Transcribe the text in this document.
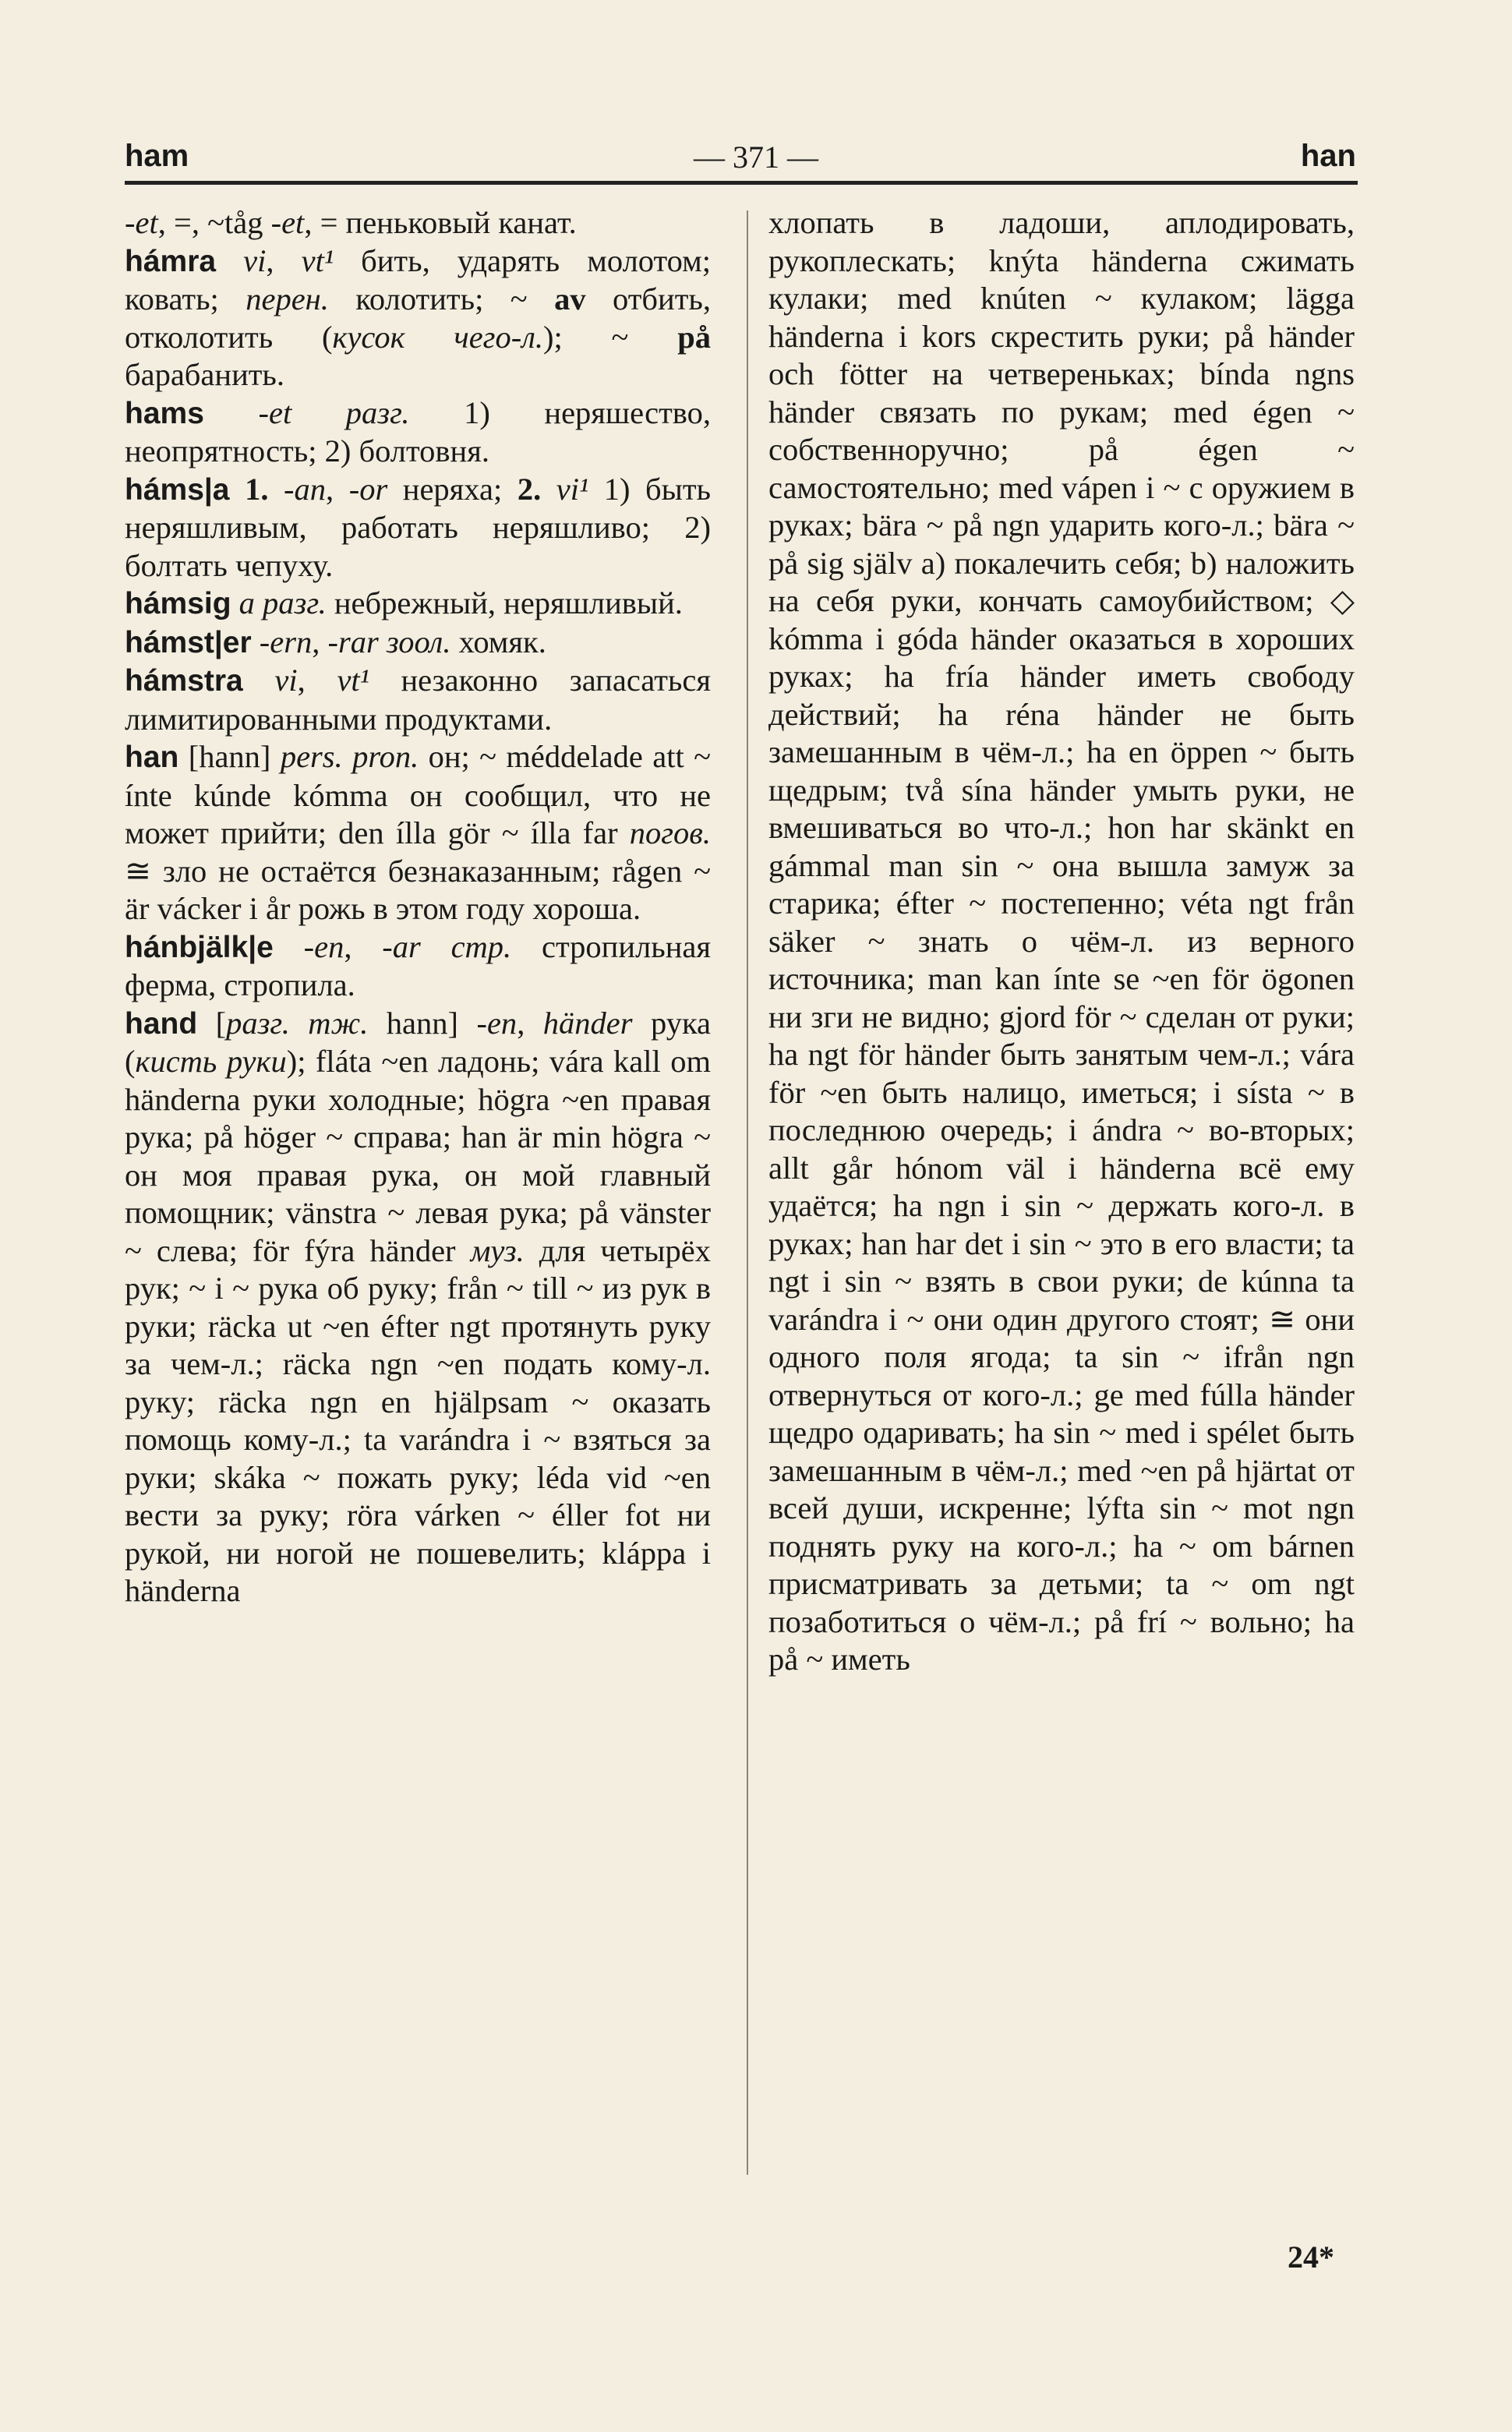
ham	— 371 —	han

-et, =, ~tåg -et, = пеньковый канат.

hámra vi, vt¹ бить, ударять молотом; ковать; перен. колотить; ~ av отбить, отколотить (кусок чего-л.); ~ på барабанить.

hams -et разг. 1) неряшество, неопрятность; 2) болтовня.

háms|a 1. -an, -or неряха; 2. vi¹ 1) быть неряшливым, работать неряшливо; 2) болтать чепуху.

hámsig a разг. небрежный, неряшливый.

hámst|er -ern, -rar зоол. хомяк.

hámstra vi, vt¹ незаконно запасаться лимитированными продуктами.

han [hann] pers. pron. он; ~ méddelade att ~ ínte kúnde kómma он сообщил, что не может прийти; den ílla gör ~ ílla far погов. ≅ зло не остаётся безнаказанным; rågen ~ är vácker i år рожь в этом году хороша.

hánbjälk|e -en, -ar стр. стропильная ферма, стропила.

hand [разг. тж. hann] -en, händer рука (кисть руки); fláta ~en ладонь; vára kall om händerna руки холодные; högra ~en правая рука; på höger ~ справа; han är min högra ~ он моя правая рука, он мой главный помощник; vänstra ~ левая рука; på vänster ~ слева; för fýra händer муз. для четырёх рук; ~ i ~ рука об руку; från ~ till ~ из рук в руки; räcka ut ~en éfter ngt протянуть руку за чем-л.; räcka ngn ~en подать кому-л. руку; räcka ngn en hjälpsam ~ оказать помощь кому-л.; ta varándra i ~ взяться за руки; skáka ~ пожать руку; léda vid ~en вести за руку; röra várken ~ éller fot ни рукой, ни ногой не пошевелить; kláppa i händerna

хлопать в ладоши, аплодировать, рукоплескать; knýta händerna сжимать кулаки; med knúten ~ кулаком; lägga händerna i kors скрестить руки; på händer och fötter на четвереньках; bínda ngns händer связать по рукам; med égen ~ собственноручно; på égen ~ самостоятельно; med vápen i ~ с оружием в руках; bära ~ på ngn ударить кого-л.; bära ~ på sig själv a) покалечить себя; b) наложить на себя руки, кончать самоубийством; ◇ kómma i góda händer оказаться в хороших руках; ha fría händer иметь свободу действий; ha réna händer не быть замешанным в чём-л.; ha en öppen ~ быть щедрым; två sína händer умыть руки, не вмешиваться во что-л.; hon har skänkt en gámmal man sin ~ она вышла замуж за старика; éfter ~ постепенно; véta ngt från säker ~ знать о чём-л. из верного источника; man kan ínte se ~en för ögonen ни зги не видно; gjord för ~ сделан от руки; ha ngt för händer быть занятым чем-л.; vára för ~en быть налицо, иметься; i sísta ~ в последнюю очередь; i ándra ~ во-вторых; allt går hónom väl i händerna всё ему удаётся; ha ngn i sin ~ держать кого-л. в руках; han har det i sin ~ это в его власти; ta ngt i sin ~ взять в свои руки; de kúnna ta varándra i ~ они один другого стоят; ≅ они одного поля ягода; ta sin ~ ifrån ngn отвернуться от кого-л.; ge med fúlla händer щедро одаривать; ha sin ~ med i spélet быть замешанным в чём-л.; med ~en på hjärtat от всей души, искренне; lýfta sin ~ mot ngn поднять руку на кого-л.; ha ~ om bárnen присматривать за детьми; ta ~ om ngt позаботиться о чём-л.; på frí ~ вольно; ha på ~ иметь

24*
